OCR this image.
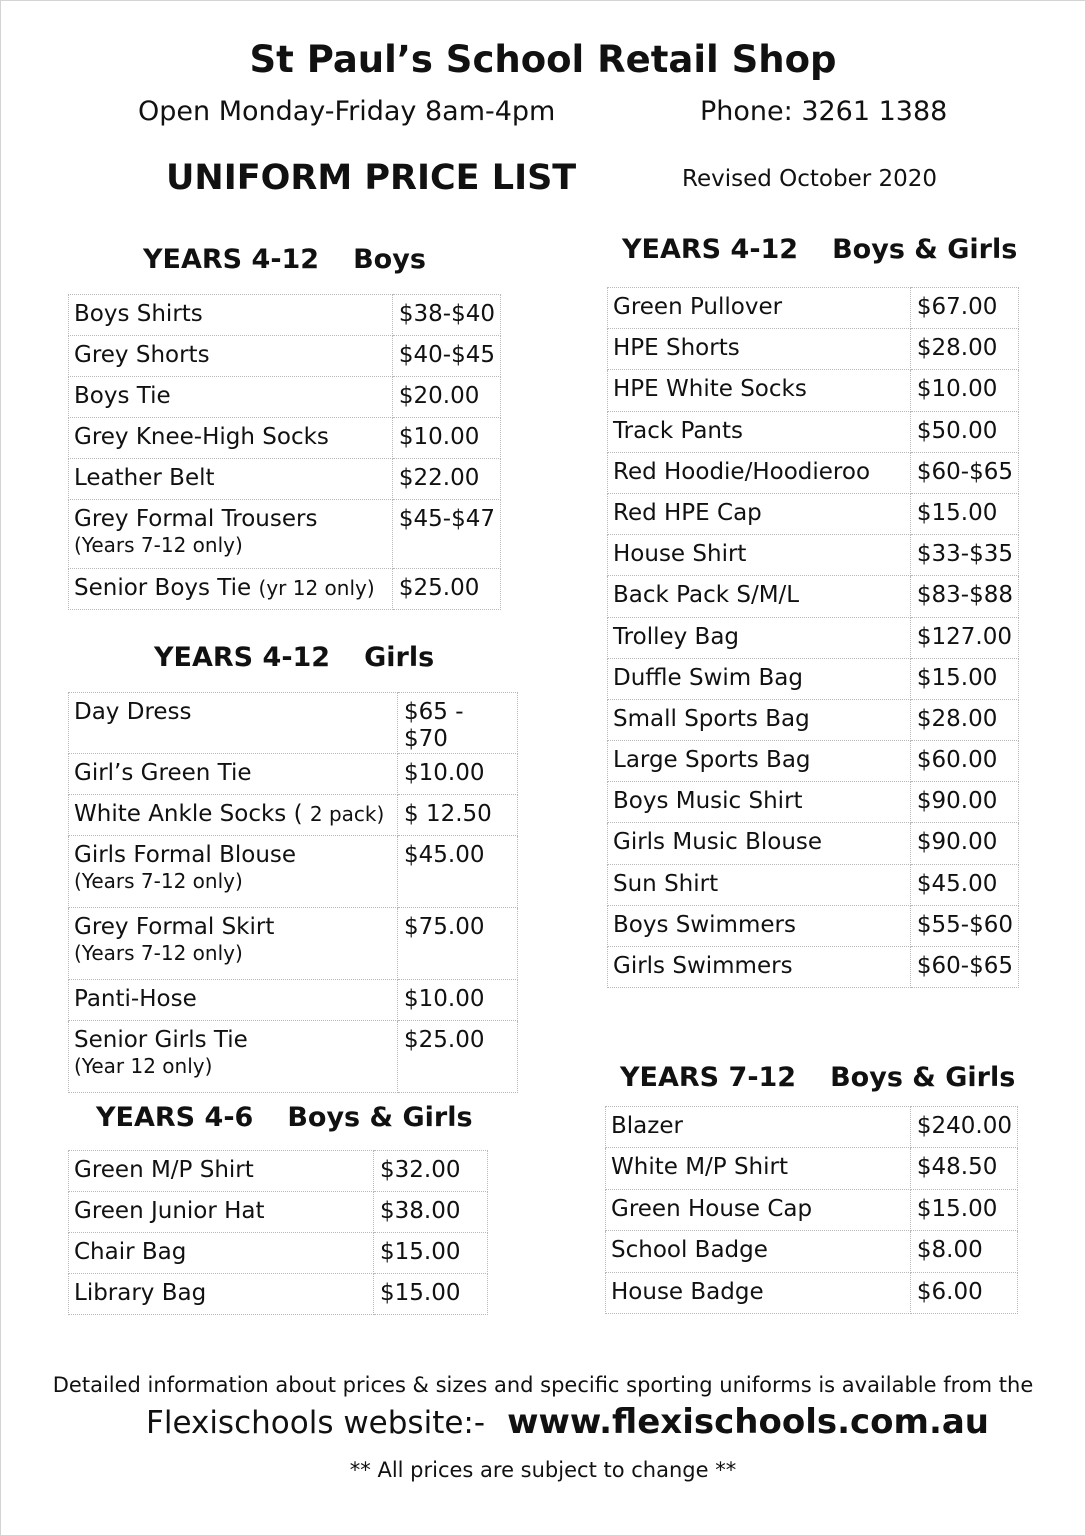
St Paul’s School Retail Shop
Open Monday-Friday 8am-4pm	Phone: 3261 1388
UNIFORM PRICE LIST	Revised October 2020
YEARS 4-12 Boys
YEARS 4-12 Girls
YEARS 4-6 Boys & Girls
YEARS 4-12 Boys & Girls
YEARS 7-12 Boys & Girls
Boys Shirts	$38-$40
Grey Shorts	$40-$45
Boys Tie	$20.00
Grey Knee-High Socks	$10.00
Leather Belt	$22.00
Grey Formal Trousers
(Years 7-12 only)	$45-$47
Senior Boys Tie (yr 12 only)	$25.00
Day Dress	$65 - $70
Girl’s Green Tie	$10.00
White Ankle Socks ( 2 pack)	$ 12.50
Girls Formal Blouse
(Years 7-12 only)	$45.00
Grey Formal Skirt
(Years 7-12 only)	$75.00
Panti-Hose	$10.00
Senior Girls Tie
(Year 12 only)	$25.00
Green M/P Shirt	$32.00
Green Junior Hat	$38.00
Chair Bag	$15.00
Library Bag	$15.00
Green Pullover	$67.00
HPE Shorts	$28.00
HPE White Socks	$10.00
Track Pants	$50.00
Red Hoodie/Hoodieroo	$60-$65
Red HPE Cap	$15.00
House Shirt	$33-$35
Back Pack S/M/L	$83-$88
Trolley Bag	$127.00
Duffle Swim Bag	$15.00
Small Sports Bag	$28.00
Large Sports Bag	$60.00
Boys Music Shirt	$90.00
Girls Music Blouse	$90.00
Sun Shirt	$45.00
Boys Swimmers	$55-$60
Girls Swimmers	$60-$65
Blazer	$240.00
White M/P Shirt	$48.50
Green House Cap	$15.00
School Badge	$8.00
House Badge	$6.00
Detailed information about prices & sizes and specific sporting uniforms is available from the
Flexischools website:- www.flexischools.com.au
** All prices are subject to change **
